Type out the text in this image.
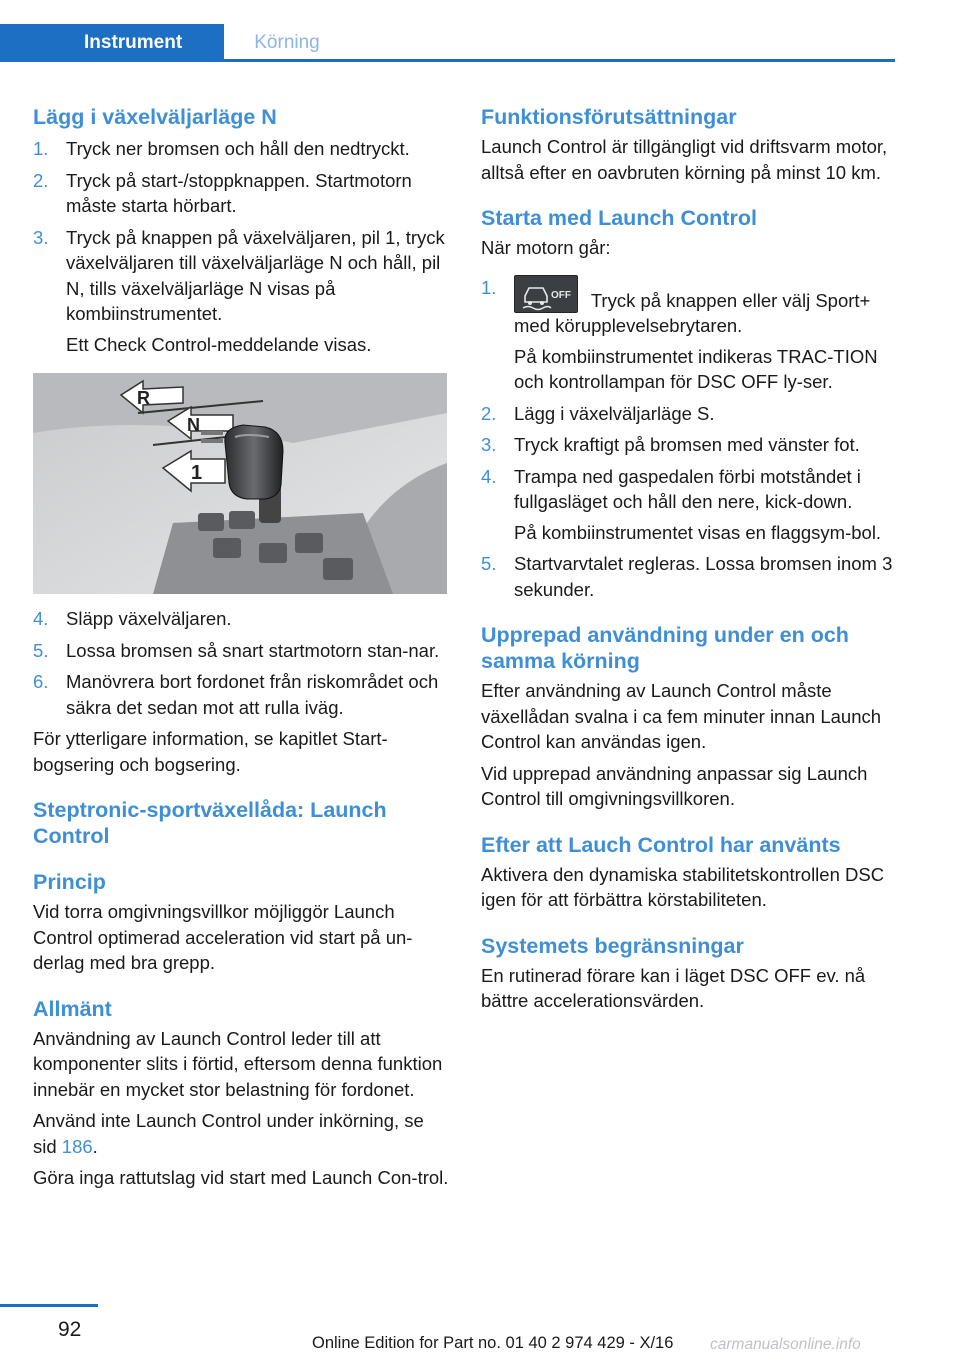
Instrument	Körning
Lägg i växelväljarläge N
1. Tryck ner bromsen och håll den nedtryckt.
2. Tryck på start-/stoppknappen. Startmotorn måste starta hörbart.
3. Tryck på knappen på växelväljaren, pil 1, tryck växelväljaren till växelväljarläge N och håll, pil N, tills växelväljarläge N visas på kombiinstrumentet.
Ett Check Control-meddelande visas.
R
N
1
4. Släpp växelväljaren.
5. Lossa bromsen så snart startmotorn stan‐nar.
6. Manövrera bort fordonet från riskområdet och säkra det sedan mot att rulla iväg.

För ytterligare information, se kapitlet Start‐bogsering och bogsering.

Steptronic-sportväxellåda: Launch Control
Princip

Vid torra omgivningsvillkor möjliggör Launch Control optimerad acceleration vid start på un‐derlag med bra grepp.

Allmänt

Användning av Launch Control leder till att komponenter slits i förtid, eftersom denna funktion innebär en mycket stor belastning för fordonet.

Använd inte Launch Control under inkörning, se sid 186.

Göra inga rattutslag vid start med Launch Con‐trol.

Funktionsförutsättningar

Launch Control är tillgängligt vid driftsvarm motor, alltså efter en oavbruten körning på minst 10 km.

Starta med Launch Control

När motorn går:

1.	OFF Tryck på knappen eller välj Sport+ med körupplevelsebrytaren.
På kombiinstrumentet indikeras TRAC‐TION och kontrollampan för DSC OFF ly‐ser.
2. Lägg i växelväljarläge S.
3. Tryck kraftigt på bromsen med vänster fot.
4. Trampa ned gaspedalen förbi motståndet i fullgasläget och håll den nere, kick-down.
På kombiinstrumentet visas en flaggsym‐bol.
5. Startvarvtalet regleras. Lossa bromsen inom 3 sekunder.
Upprepad användning under en och samma körning

Efter användning av Launch Control måste växellådan svalna i ca fem minuter innan Launch Control kan användas igen.

Vid upprepad användning anpassar sig Launch Control till omgivningsvillkoren.

Efter att Lauch Control har använts

Aktivera den dynamiska stabilitetskontrollen DSC igen för att förbättra körstabiliteten.

Systemets begränsningar

En rutinerad förare kan i läget DSC OFF ev. nå bättre accelerationsvärden.

92
Online Edition for Part no. 01 40 2 974 429 - X/16 carmanualsonline.info
